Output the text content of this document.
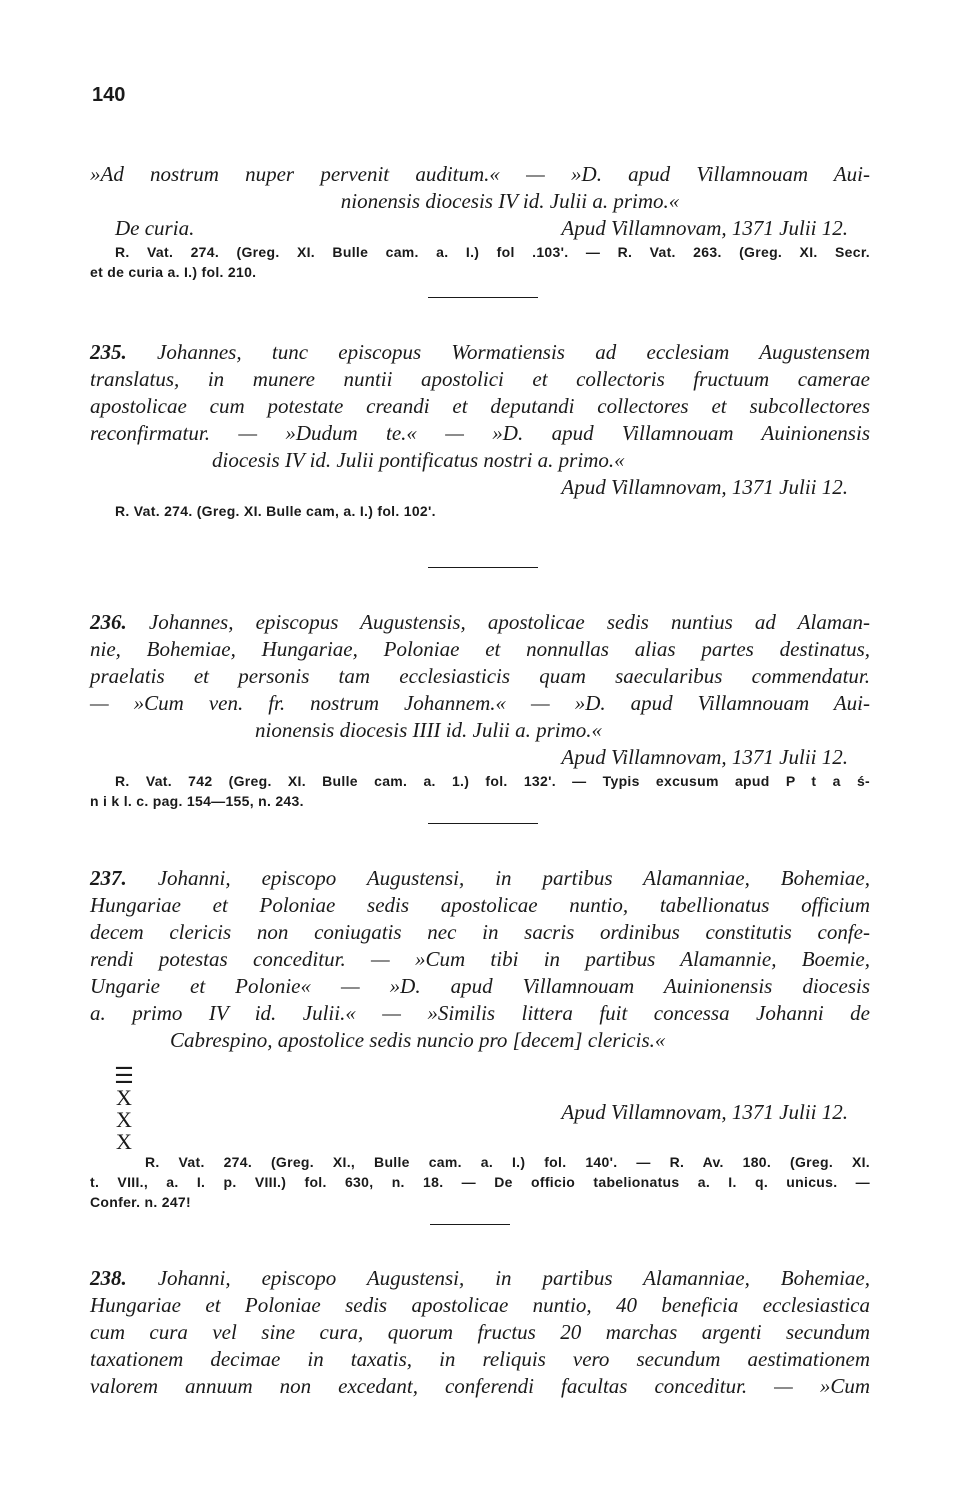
140
»Ad nostrum nuper pervenit auditum.« — »D. apud Villamnouam Aui-
nionensis diocesis IV id. Julii a. primo.«
De curia.	Apud Villamnovam, 1371 Julii 12.
R. Vat. 274. (Greg. XI. Bulle cam. a. I.) fol .103'. — R. Vat. 263. (Greg. XI. Secr.
et de curia a. I.) fol. 210.
235. Johannes, tunc episcopus Wormatiensis ad ecclesiam Augustensem
translatus, in munere nuntii apostolici et collectoris fructuum camerae
apostolicae cum potestate creandi et deputandi collectores et subcollectores
reconfirmatur. — »Dudum te.« — »D. apud Villamnouam Auinionensis
diocesis IV id. Julii pontificatus nostri a. primo.«
Apud Villamnovam, 1371 Julii 12.
R. Vat. 274. (Greg. XI. Bulle cam, a. I.) fol. 102'.
236. Johannes, episcopus Augustensis, apostolicae sedis nuntius ad Alaman-
nie, Bohemiae, Hungariae, Poloniae et nonnullas alias partes destinatus,
praelatis et personis tam ecclesiasticis quam saecularibus commendatur.
— »Cum ven. fr. nostrum Johannem.« — »D. apud Villamnouam Aui-
nionensis diocesis IIII id. Julii a. primo.«
Apud Villamnovam, 1371 Julii 12.
R. Vat. 742 (Greg. XI. Bulle cam. a. 1.) fol. 132'. — Typis excusum apud P t a ś-
n i k l. c. pag. 154—155, n. 243.
237. Johanni, episcopo Augustensi, in partibus Alamanniae, Bohemiae,
Hungariae et Poloniae sedis apostolicae nuntio, tabellionatus officium
decem clericis non coniugatis nec in sacris ordinibus constitutis confe-
rendi potestas conceditur. — »Cum tibi in partibus Alamannie, Boemie,
Ungarie et Polonie« — »D. apud Villamnouam Auinionensis diocesis
a. primo IV id. Julii.« — »Similis littera fuit concessa Johanni de
Cabrespino, apostolice sedis nuncio pro [decem] clericis.«
☰
X
X
X
Apud Villamnovam, 1371 Julii 12.
R. Vat. 274. (Greg. XI., Bulle cam. a. I.) fol. 140'. — R. Av. 180. (Greg. XI.
t. VIII., a. I. p. VIII.) fol. 630, n. 18. — De officio tabelionatus a. I. q. unicus. —
Confer. n. 247!
238. Johanni, episcopo Augustensi, in partibus Alamanniae, Bohemiae,
Hungariae et Poloniae sedis apostolicae nuntio, 40 beneficia ecclesiastica
cum cura vel sine cura, quorum fructus 20 marchas argenti secundum
taxationem decimae in taxatis, in reliquis vero secundum aestimationem
valorem annuum non excedant, conferendi facultas conceditur. — »Cum
